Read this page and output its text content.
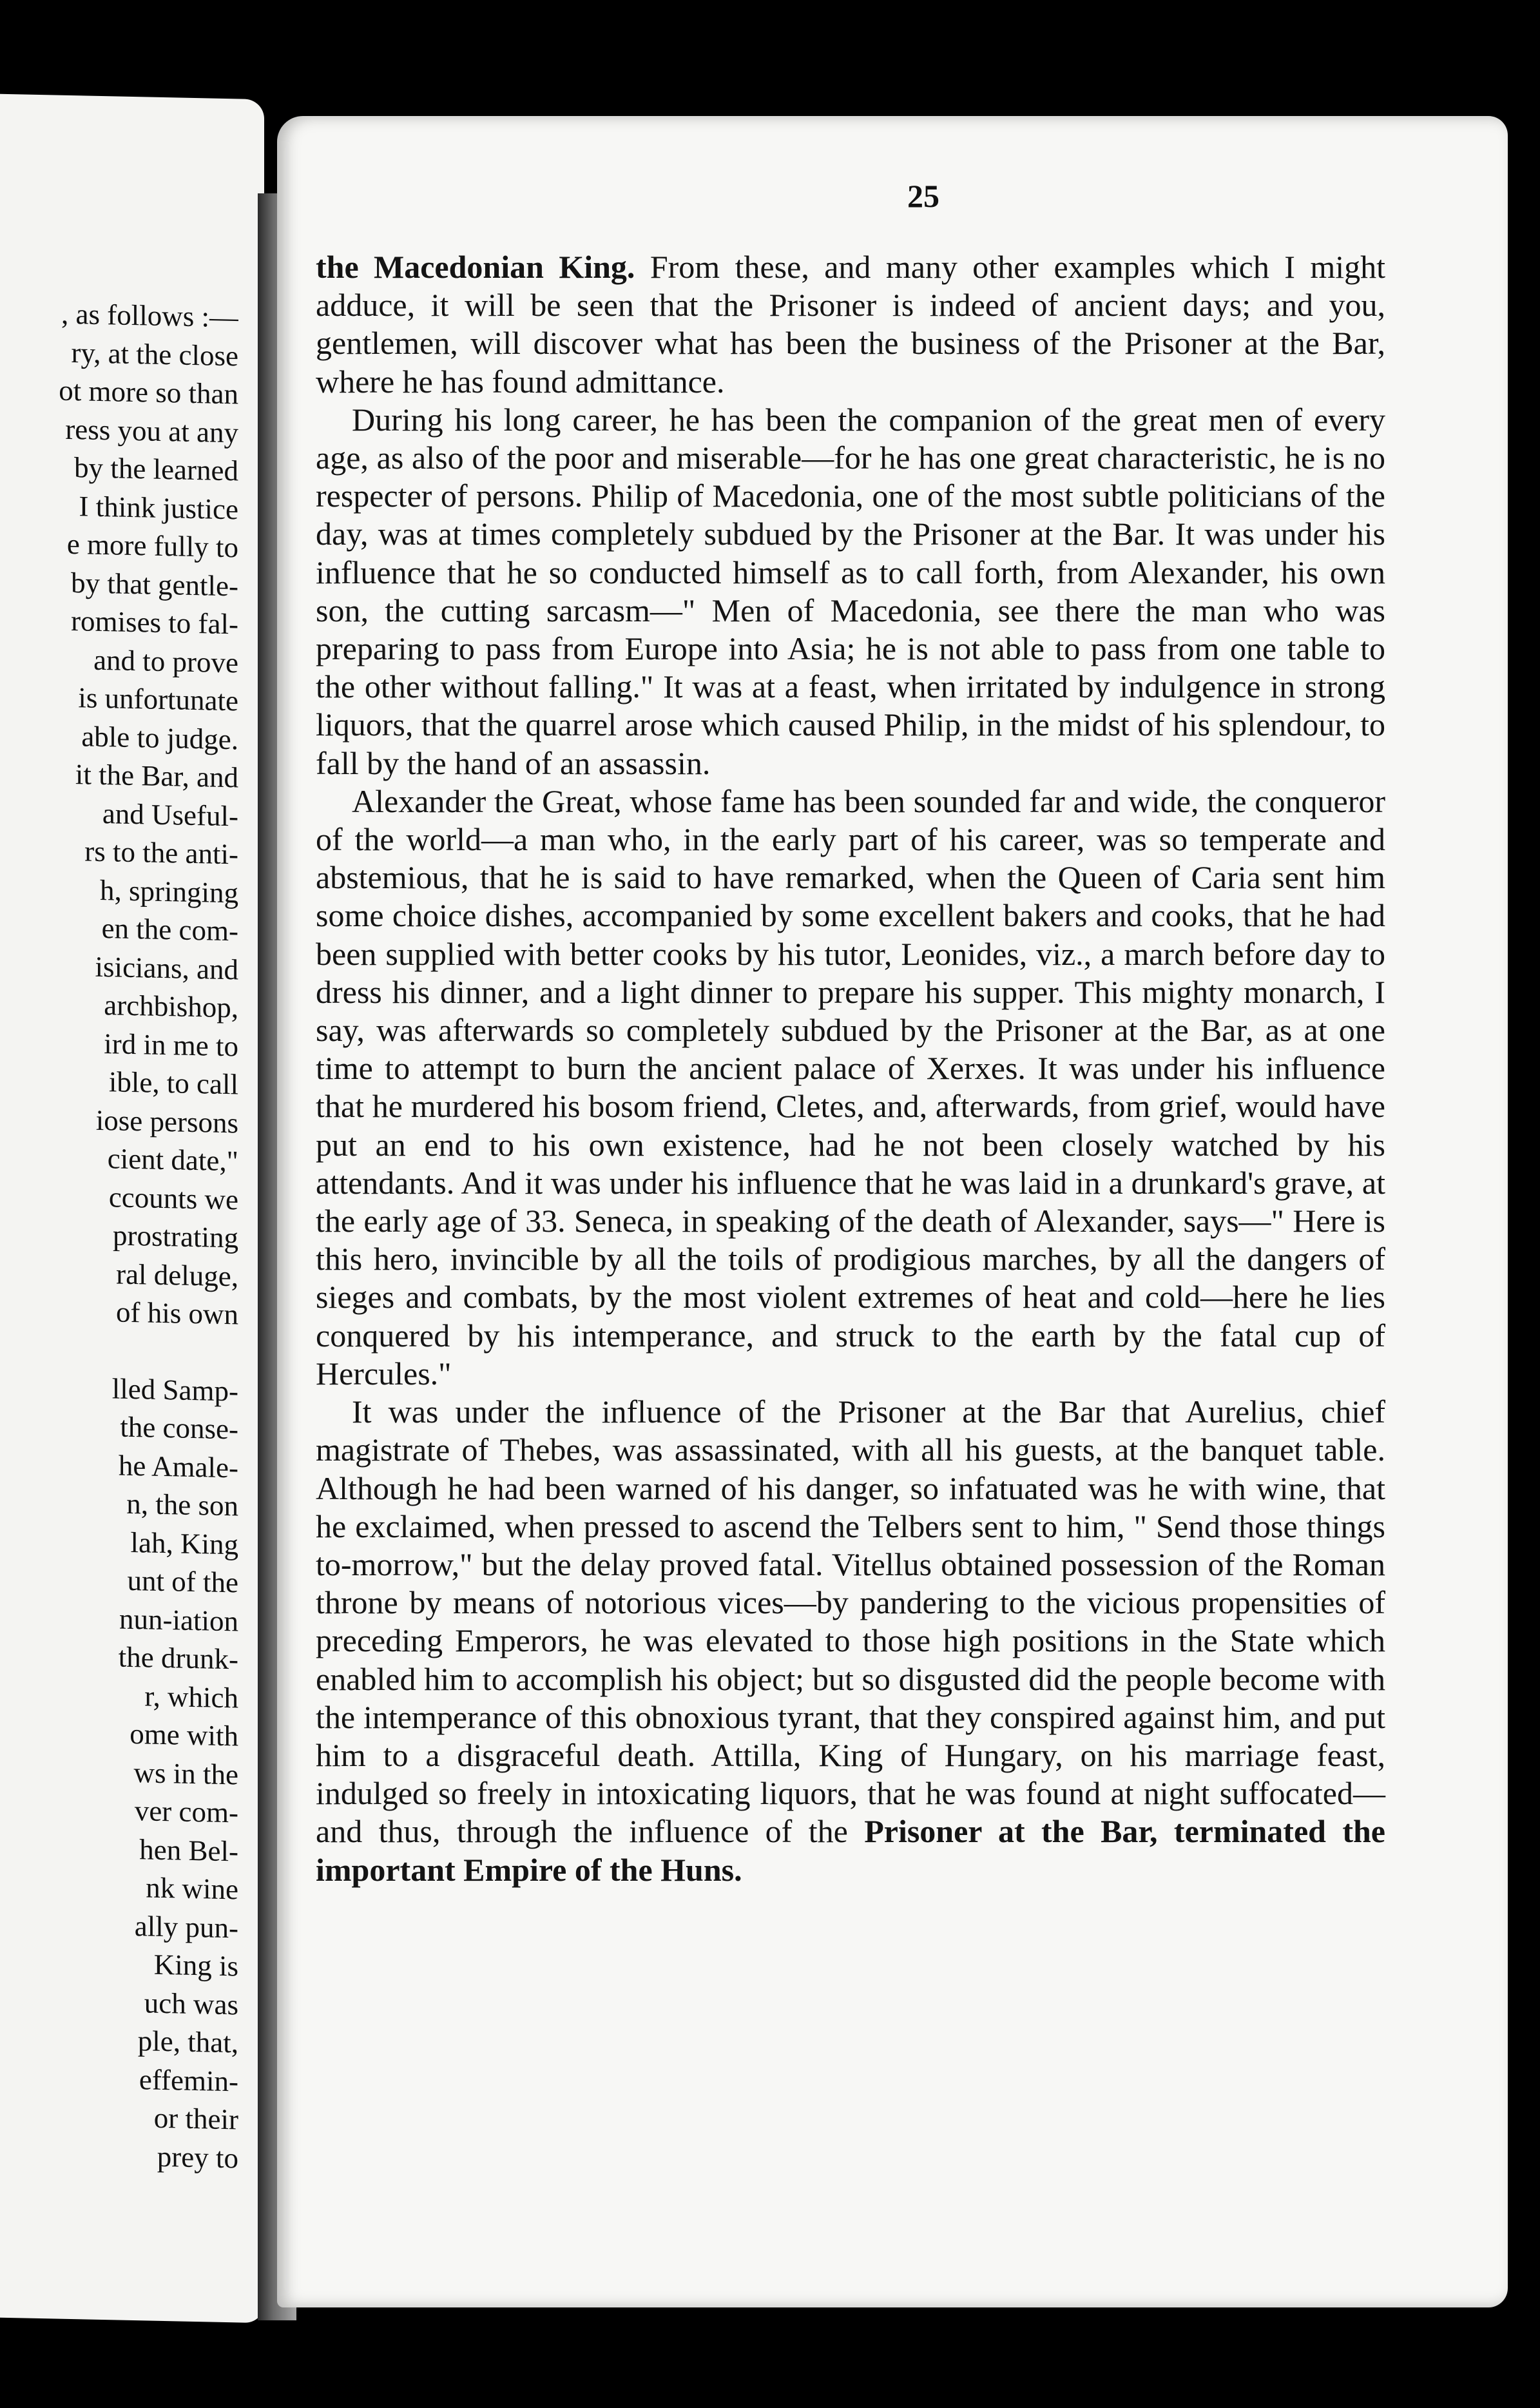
, as follows :—
ry, at the close
ot more so than
ress you at any
by the learned
I think justice
e more fully to
by that gentle-
romises to fal-
and to prove
is unfortunate
able to judge.
it the Bar, and
and Useful-
rs to the anti-
h, springing
en the com-
isicians, and
archbishop,
ird in me to
ible, to call
iose persons
cient date,"
ccounts we
prostrating
ral deluge,
of his own
lled Samp-
the conse-
he Amale-
n, the son
lah, King
unt of the
nun-iation
the drunk-
r, which
ome with
ws in the
ver com-
hen Bel-
nk wine
ally pun-
King is
uch was
ple, that,
effemin-
or their
prey to
25

the Macedonian King. From these, and many other examples which I might adduce, it will be seen that the Prisoner is indeed of ancient days; and you, gentlemen, will discover what has been the business of the Prisoner at the Bar, where he has found admittance.

During his long career, he has been the companion of the great men of every age, as also of the poor and miserable—for he has one great characteristic, he is no respecter of persons. Philip of Macedonia, one of the most subtle politicians of the day, was at times completely subdued by the Prisoner at the Bar. It was under his influence that he so conducted himself as to call forth, from Alexander, his own son, the cutting sarcasm—" Men of Macedonia, see there the man who was preparing to pass from Europe into Asia; he is not able to pass from one table to the other without falling." It was at a feast, when irritated by indulgence in strong liquors, that the quarrel arose which caused Philip, in the midst of his splendour, to fall by the hand of an assassin.

Alexander the Great, whose fame has been sounded far and wide, the conqueror of the world—a man who, in the early part of his career, was so temperate and abstemious, that he is said to have remarked, when the Queen of Caria sent him some choice dishes, accompanied by some excellent bakers and cooks, that he had been supplied with better cooks by his tutor, Leonides, viz., a march before day to dress his dinner, and a light dinner to prepare his supper. This mighty monarch, I say, was afterwards so completely subdued by the Prisoner at the Bar, as at one time to attempt to burn the ancient palace of Xerxes. It was under his influence that he murdered his bosom friend, Cletes, and, afterwards, from grief, would have put an end to his own existence, had he not been closely watched by his attendants. And it was under his influence that he was laid in a drunkard's grave, at the early age of 33. Seneca, in speaking of the death of Alexander, says—" Here is this hero, invincible by all the toils of prodigious marches, by all the dangers of sieges and combats, by the most violent extremes of heat and cold—here he lies conquered by his intemperance, and struck to the earth by the fatal cup of Hercules."

It was under the influence of the Prisoner at the Bar that Aurelius, chief magistrate of Thebes, was assassinated, with all his guests, at the banquet table. Although he had been warned of his danger, so infatuated was he with wine, that he exclaimed, when pressed to ascend the Telbers sent to him, " Send those things to-morrow," but the delay proved fatal. Vitellus obtained possession of the Roman throne by means of notorious vices—by pandering to the vicious propensities of preceding Emperors, he was elevated to those high positions in the State which enabled him to accomplish his object; but so disgusted did the people become with the intemperance of this obnoxious tyrant, that they conspired against him, and put him to a disgraceful death. Attilla, King of Hungary, on his marriage feast, indulged so freely in intoxicating liquors, that he was found at night suffocated—and thus, through the influence of the Prisoner at the Bar, terminated the important Empire of the Huns.
